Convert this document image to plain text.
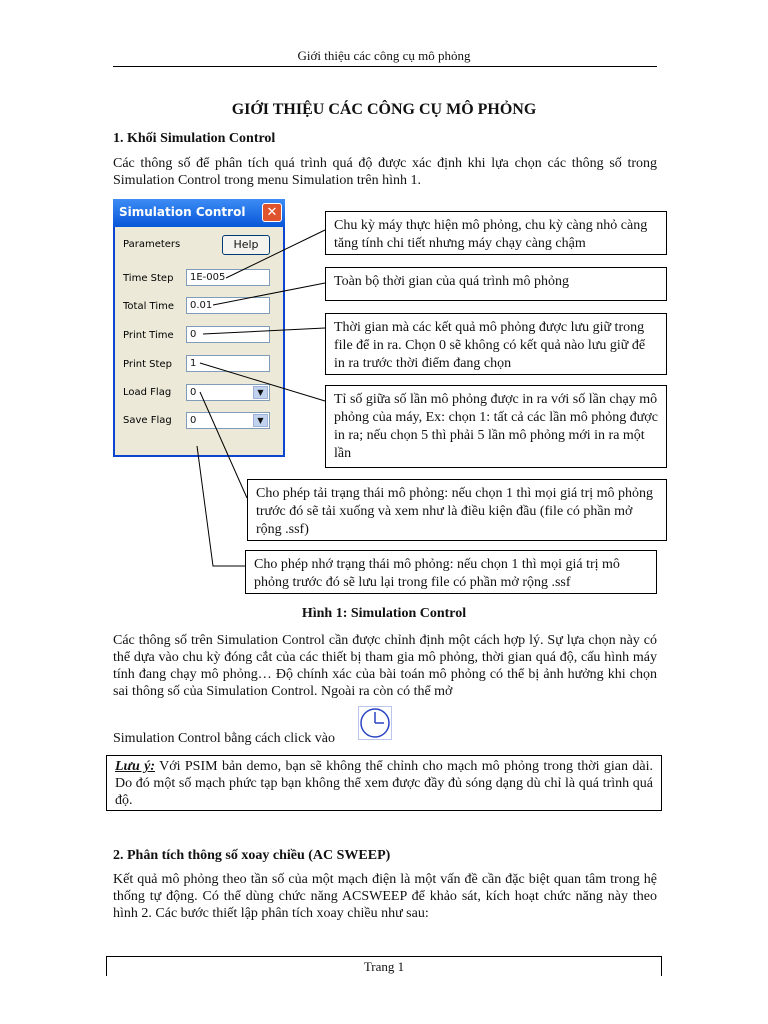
Giới thiệu các công cụ mô phỏng
GIỚI THIỆU CÁC CÔNG CỤ MÔ PHỎNG
1. Khối Simulation Control
Các thông số để phân tích quá trình quá độ được xác định khi lựa chọn các thông số trong Simulation Control trong menu Simulation trên hình 1.
Simulation Control	✕
Parameters	Help
Time Step	1E-005
Total Time	0.01
Print Time	0
Print Step	1
Load Flag	0	▼
Save Flag	0	▼
Chu kỳ máy thực hiện mô phỏng, chu kỳ càng nhỏ càng tăng tính chi tiết nhưng máy chạy càng chậm
Toàn bộ thời gian của quá trình mô phỏng
Thời gian mà các kết quả mô phỏng được lưu giữ trong file để in ra. Chọn 0 sẽ không có kết quả nào lưu giữ để in ra trước thời điểm đang chọn
Tỉ số giữa số lần mô phỏng được in ra với số lần chạy mô phỏng của máy, Ex: chọn 1: tất cả các lần mô phỏng được in ra; nếu chọn 5 thì phải 5 lần mô phỏng mới in ra một lần
Cho phép tải trạng thái mô phỏng: nếu chọn 1 thì mọi giá trị mô phỏng trước đó sẽ tải xuống và xem như là điều kiện đầu (file có phần mở rộng .ssf)
Cho phép nhớ trạng thái mô phỏng: nếu chọn 1 thì mọi giá trị mô phỏng trước đó sẽ lưu lại trong file có phần mở rộng .ssf
Hình 1: Simulation Control
Các thông số trên Simulation Control cần được chỉnh định một cách hợp lý. Sự lựa chọn này có thể dựa vào chu kỳ đóng cắt của các thiết bị tham gia mô phỏng, thời gian quá độ, cấu hình máy tính đang chạy mô phỏng… Độ chính xác của bài toán mô phỏng có thể bị ảnh hưởng khi chọn sai thông số của Simulation Control. Ngoài ra còn có thể mở
Simulation Control bằng cách click vào
Lưu ý: Với PSIM bản demo, bạn sẽ không thể chỉnh cho mạch mô phỏng trong thời gian dài. Do đó một số mạch phức tạp bạn không thể xem được đầy đủ sóng dạng dù chỉ là quá trình quá độ.
2. Phân tích thông số xoay chiều (AC SWEEP)
Kết quả mô phỏng theo tần số của một mạch điện là một vấn đề cần đặc biệt quan tâm trong hệ thống tự động. Có thể dùng chức năng ACSWEEP để khảo sát, kích hoạt chức năng này theo hình 2. Các bước thiết lập phân tích xoay chiều như sau:
Trang 1
